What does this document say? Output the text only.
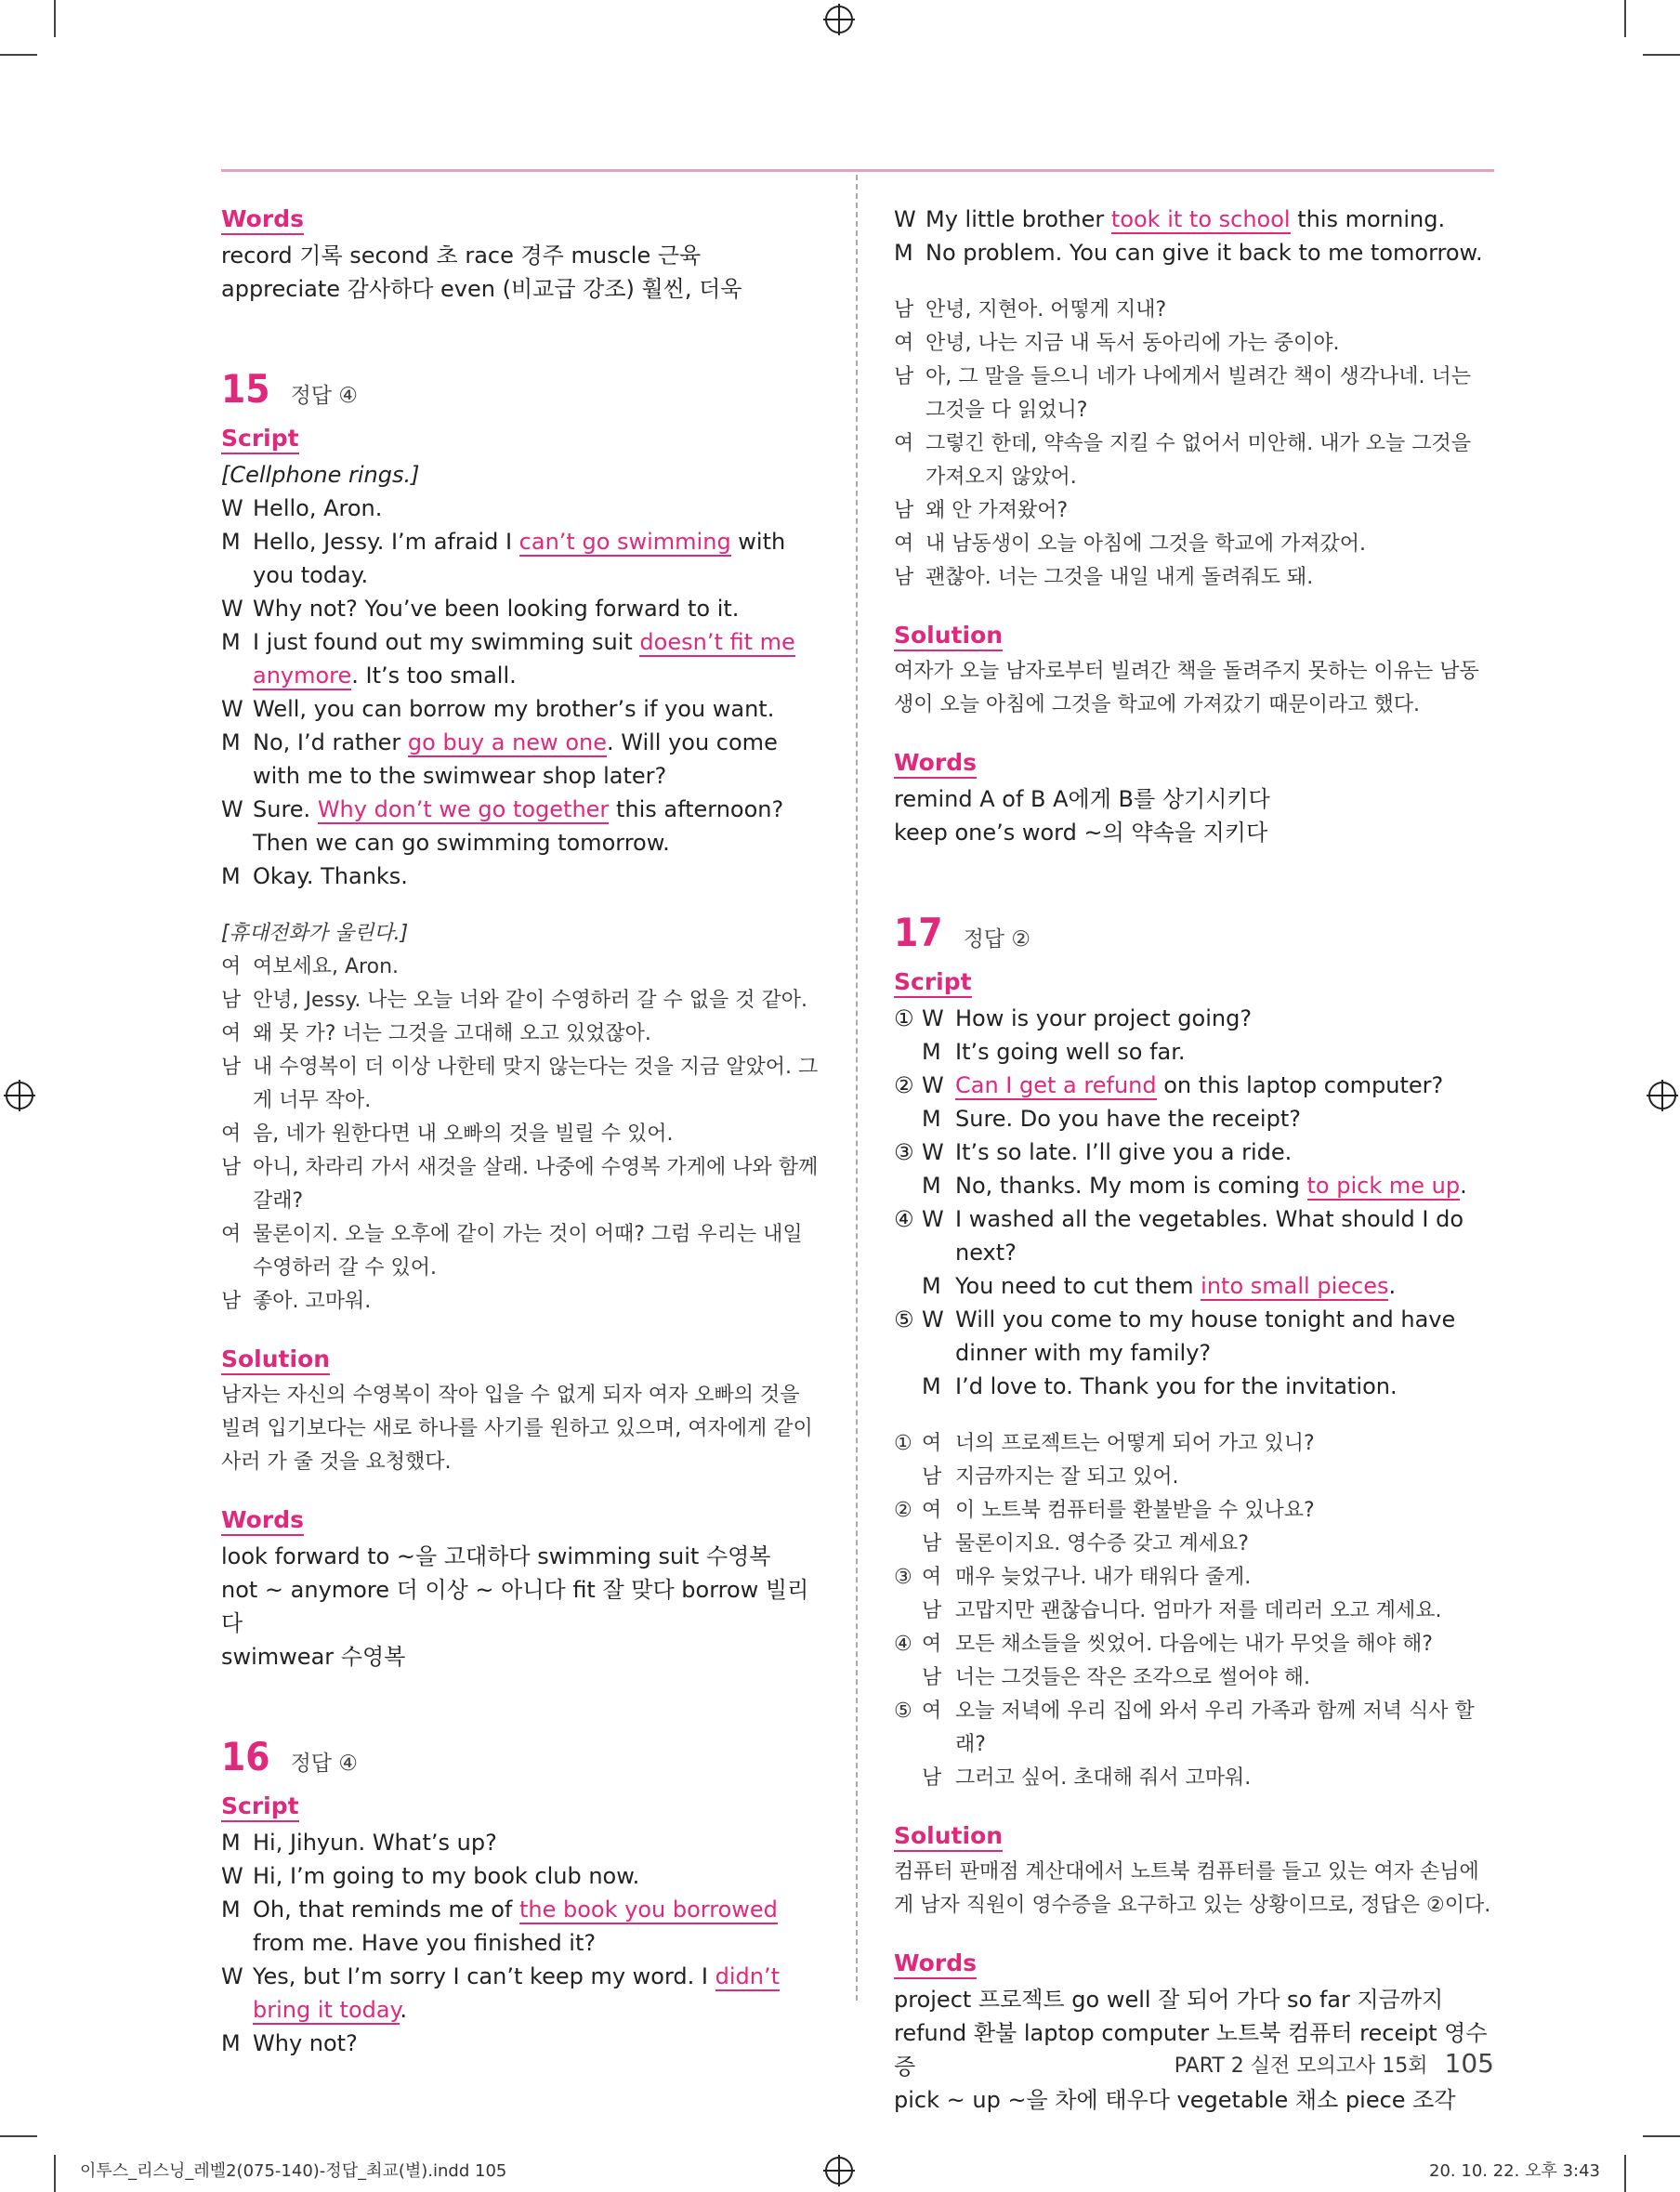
Words
record 기록 second 초 race 경주 muscle 근육
appreciate 감사하다 even (비교급 강조) 훨씬, 더욱
15 정답 ④
Script
[Cellphone rings.]
W Hello, Aron.
M Hello, Jessy. I’m afraid I can’t go swimming with you today.
W Why not? You’ve been looking forward to it.
M I just found out my swimming suit doesn’t fit me anymore. It’s too small.
W Well, you can borrow my brother’s if you want.
M No, I’d rather go buy a new one. Will you come with me to the swimwear shop later?
W Sure. Why don’t we go together this afternoon? Then we can go swimming tomorrow.
M Okay. Thanks.
[휴대전화가 울린다.]
여 여보세요, Aron.
남 안녕, Jessy. 나는 오늘 너와 같이 수영하러 갈 수 없을 것 같아.
여 왜 못 가? 너는 그것을 고대해 오고 있었잖아.
남 내 수영복이 더 이상 나한테 맞지 않는다는 것을 지금 알았어. 그게 너무 작아.
여 음, 네가 원한다면 내 오빠의 것을 빌릴 수 있어.
남 아니, 차라리 가서 새것을 살래. 나중에 수영복 가게에 나와 함께 갈래?
여 물론이지. 오늘 오후에 같이 가는 것이 어때? 그럼 우리는 내일 수영하러 갈 수 있어.
남 좋아. 고마워.
Solution
남자는 자신의 수영복이 작아 입을 수 없게 되자 여자 오빠의 것을 빌려 입기보다는 새로 하나를 사기를 원하고 있으며, 여자에게 같이 사러 가 줄 것을 요청했다.
Words
look forward to ~을 고대하다 swimming suit 수영복
not ~ anymore 더 이상 ~ 아니다 fit 잘 맞다 borrow 빌리다
swimwear 수영복
16 정답 ④
Script
M Hi, Jihyun. What’s up?
W Hi, I’m going to my book club now.
M Oh, that reminds me of the book you borrowed from me. Have you finished it?
W Yes, but I’m sorry I can’t keep my word. I didn’t bring it today.
M Why not?
W My little brother took it to school this morning.
M No problem. You can give it back to me tomorrow.
남 안녕, 지현아. 어떻게 지내?
여 안녕, 나는 지금 내 독서 동아리에 가는 중이야.
남 아, 그 말을 들으니 네가 나에게서 빌려간 책이 생각나네. 너는 그것을 다 읽었니?
여 그렇긴 한데, 약속을 지킬 수 없어서 미안해. 내가 오늘 그것을 가져오지 않았어.
남 왜 안 가져왔어?
여 내 남동생이 오늘 아침에 그것을 학교에 가져갔어.
남 괜찮아. 너는 그것을 내일 내게 돌려줘도 돼.
Solution
여자가 오늘 남자로부터 빌려간 책을 돌려주지 못하는 이유는 남동생이 오늘 아침에 그것을 학교에 가져갔기 때문이라고 했다.
Words
remind A of B A에게 B를 상기시키다
keep one’s word ~의 약속을 지키다
17 정답 ②
Script
① W How is your project going?
M It’s going well so far.
② W Can I get a refund on this laptop computer?
M Sure. Do you have the receipt?
③ W It’s so late. I’ll give you a ride.
M No, thanks. My mom is coming to pick me up.
④ W I washed all the vegetables. What should I do next?
M You need to cut them into small pieces.
⑤ W Will you come to my house tonight and have dinner with my family?
M I’d love to. Thank you for the invitation.
① 여 너의 프로젝트는 어떻게 되어 가고 있니?
남 지금까지는 잘 되고 있어.
② 여 이 노트북 컴퓨터를 환불받을 수 있나요?
남 물론이지요. 영수증 갖고 계세요?
③ 여 매우 늦었구나. 내가 태워다 줄게.
남 고맙지만 괜찮습니다. 엄마가 저를 데리러 오고 계세요.
④ 여 모든 채소들을 씻었어. 다음에는 내가 무엇을 해야 해?
남 너는 그것들은 작은 조각으로 썰어야 해.
⑤ 여 오늘 저녁에 우리 집에 와서 우리 가족과 함께 저녁 식사 할래?
남 그러고 싶어. 초대해 줘서 고마워.
Solution
컴퓨터 판매점 계산대에서 노트북 컴퓨터를 들고 있는 여자 손님에게 남자 직원이 영수증을 요구하고 있는 상황이므로, 정답은 ②이다.
Words
project 프로젝트 go well 잘 되어 가다 so far 지금까지
refund 환불 laptop computer 노트북 컴퓨터 receipt 영수증
pick ~ up ~을 차에 태우다 vegetable 채소 piece 조각
PART 2 실전 모의고사 15회 105
이투스_리스닝_레벨2(075-140)-정답_최교(별).indd 105	20. 10. 22. 오후 3:43
